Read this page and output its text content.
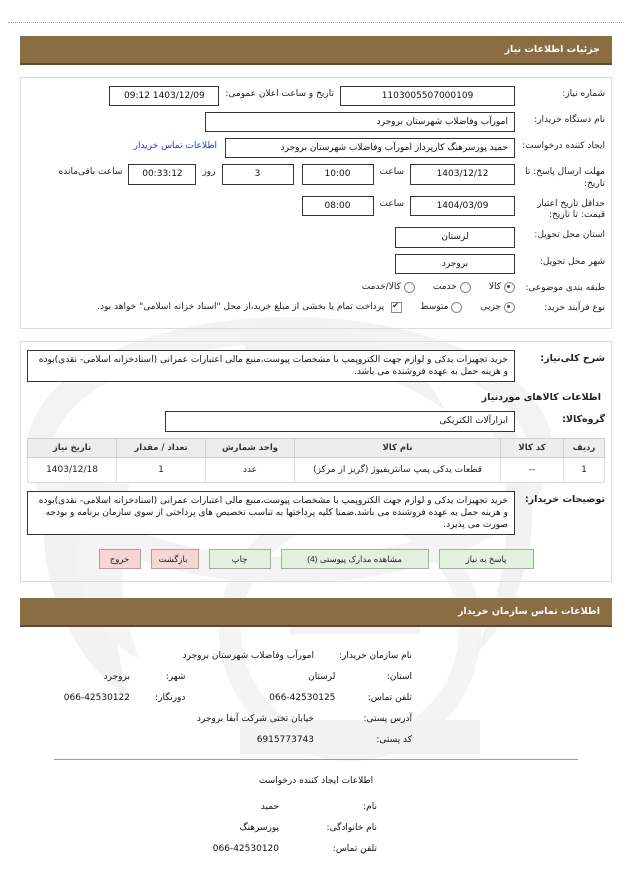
جزئیات اطلاعات نیاز
شماره نیاز:
1103005507000109
تاریخ و ساعت اعلان عمومی:
1403/12/09 09:12
نام دستگاه خریدار:
امورآب وفاضلاب شهرستان بروجرد
ایجاد کننده درخواست:
حمید پورسرهنگ کارپرداز امورآب وفاضلاب شهرستان بروجرد
اطلاعات تماس خریدار
مهلت ارسال پاسخ: تا تاریخ:
1403/12/12
ساعت
10:00
3
روز
00:33:12
ساعت باقی‌مانده
حداقل تاریخ اعتبار قیمت: تا تاریخ:
1404/03/09
ساعت
08:00
استان محل تحویل:
لرستان
شهر محل تحویل:
بروجرد
طبقه بندی موضوعی:
کالا
خدمت
کالا/خدمت
نوع فرآیند خرید:
جزیی
متوسط
✔
پرداخت تمام یا بخشی از مبلغ خرید،از محل "اسناد خزانه اسلامی" خواهد بود.
شرح کلی‌نیاز:
خرید تجهیزات یدکی و لوازم جهت الکتروپمپ با مشخصات پیوست،منبع مالی اعتبارات عمرانی (اسنادخزانه اسلامی- نقدی)بوده و هزینه حمل به عهده فروشنده می باشد.
اطلاعات کالاهای موردنیاز
گروه‌کالا:
ابزارآلات الکتریکی
ردیف	کد کالا	نام کالا	واحد شمارش	تعداد / مقدار	تاریخ نیاز
1	--	قطعات یدکی پمپ سانتریفیوژ (گریز از مرکز)	عدد	1	1403/12/18
توضیحات خریدار:
خرید تجهیزات یدکی و لوازم جهت الکتروپمپ با مشخصات پیوست،منبع مالی اعتبارات عمرانی (اسنادخزانه اسلامی- نقدی)بوده و هزینه حمل به عهده فروشنده می باشد.ضمنا کلیه پرداختها به تناسب تخصیص های پرداختی از سوی سازمان برنامه و بودجه صورت می پذیرد.
پاسخ به نیاز
مشاهده مدارک پیوستی (4)
چاپ
بازگشت
خروج
اطلاعات تماس سازمان خریدار
نام سازمان خریدار:
امورآب وفاضلاب شهرستان بروجرد
استان:
لرستان
شهر:
بروجرد
تلفن تماس:
066-42530125
دورنگار:
066-42530122
آدرس پستی:
خیابان تختی شرکت آبفا بروجرد
کد پستی:
6915773743
اطلاعات ایجاد کننده درخواست
نام:
حمید
نام خانوادگی:
پورسرهنگ
تلفن تماس:
066-42530120
